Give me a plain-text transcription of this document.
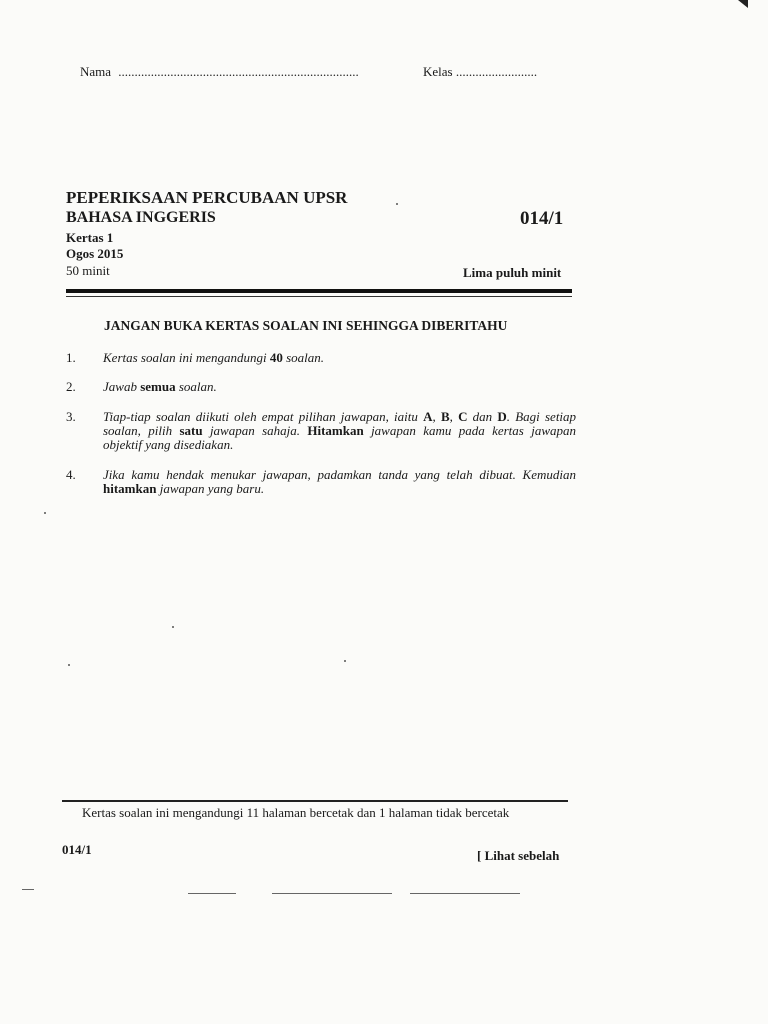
Nama ..........................................................................	Kelas .........................
PEPERIKSAAN PERCUBAAN UPSR
BAHASA INGGERIS	014/1
Kertas 1
Ogos 2015
50 minit	Lima puluh minit
JANGAN BUKA KERTAS SOALAN INI SEHINGGA DIBERITAHU
1.	Kertas soalan ini mengandungi 40 soalan.
2.	Jawab semua soalan.
3.	Tiap-tiap soalan diikuti oleh empat pilihan jawapan, iaitu A, B, C dan D. Bagi setiap soalan, pilih satu jawapan sahaja. Hitamkan jawapan kamu pada kertas jawapan objektif yang disediakan.
4.	Jika kamu hendak menukar jawapan, padamkan tanda yang telah dibuat. Kemudian hitamkan jawapan yang baru.
Kertas soalan ini mengandungi 11 halaman bercetak dan 1 halaman tidak bercetak
014/1	[ Lihat sebelah
